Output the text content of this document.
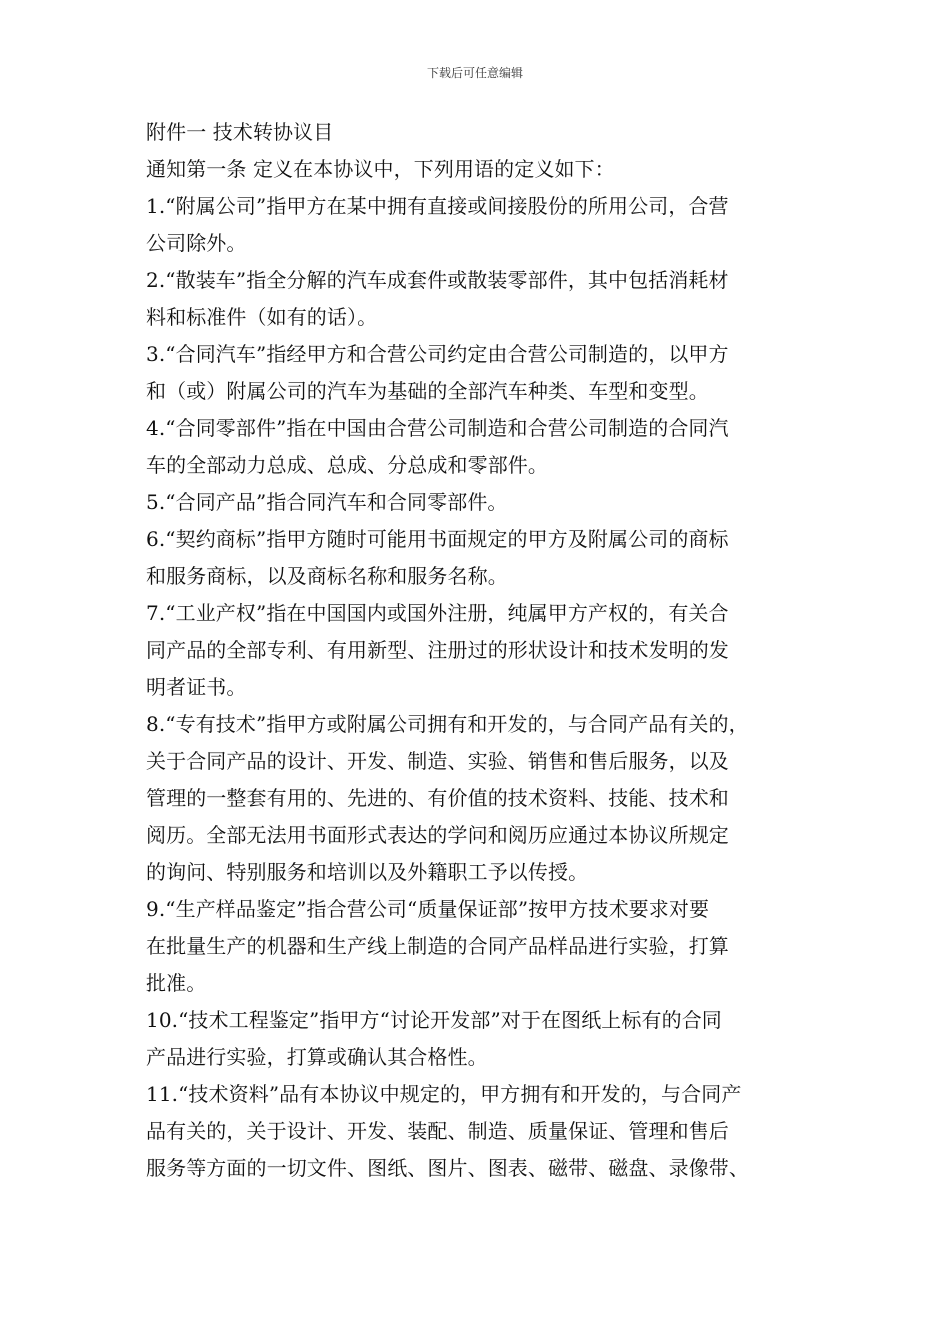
下载后可任意编辑

附件一 技术转协议目

通知第一条 定义在本协议中，下列用语的定义如下：

1.“附属公司”指甲方在某中拥有直接或间接股份的所用公司，合营

公司除外。

2.“散装车”指全分解的汽车成套件或散装零部件，其中包括消耗材

料和标准件（如有的话）。

3.“合同汽车”指经甲方和合营公司约定由合营公司制造的，以甲方

和（或）附属公司的汽车为基础的全部汽车种类、车型和变型。

4.“合同零部件”指在中国由合营公司制造和合营公司制造的合同汽

车的全部动力总成、总成、分总成和零部件。

5.“合同产品”指合同汽车和合同零部件。

6.“契约商标”指甲方随时可能用书面规定的甲方及附属公司的商标

和服务商标，以及商标名称和服务名称。

7.“工业产权”指在中国国内或国外注册，纯属甲方产权的，有关合

同产品的全部专利、有用新型、注册过的形状设计和技术发明的发

明者证书。

8.“专有技术”指甲方或附属公司拥有和开发的，与合同产品有关的，

关于合同产品的设计、开发、制造、实验、销售和售后服务，以及

管理的一整套有用的、先进的、有价值的技术资料、技能、技术和

阅历。全部无法用书面形式表达的学问和阅历应通过本协议所规定

的询问、特别服务和培训以及外籍职工予以传授。

9.“生产样品鉴定”指合营公司“质量保证部”按甲方技术要求对要

在批量生产的机器和生产线上制造的合同产品样品进行实验，打算

批准。

10.“技术工程鉴定”指甲方“讨论开发部”对于在图纸上标有的合同

产品进行实验，打算或确认其合格性。

11.“技术资料”品有本协议中规定的，甲方拥有和开发的，与合同产

品有关的，关于设计、开发、装配、制造、质量保证、管理和售后

服务等方面的一切文件、图纸、图片、图表、磁带、磁盘、录像带、
